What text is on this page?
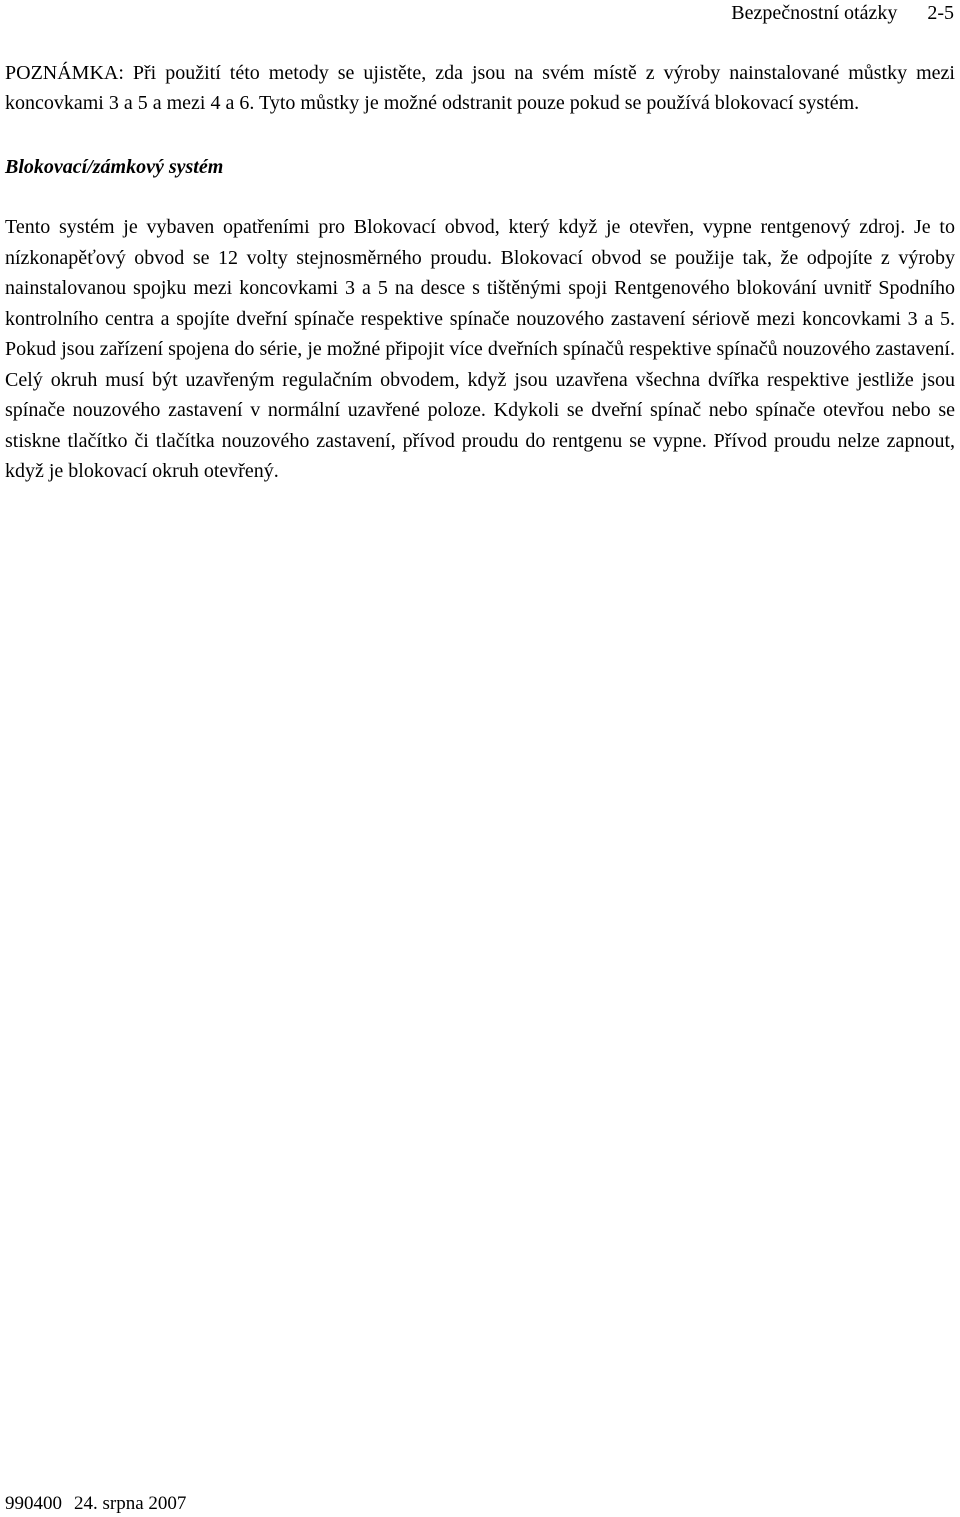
Bezpečnostní otázky 2-5

POZNÁMKA: Při použití této metody se ujistěte, zda jsou na svém místě z výroby nainstalované můstky mezi koncovkami 3 a 5 a mezi 4 a 6. Tyto můstky je možné odstranit pouze pokud se používá blokovací systém.

Blokovací/zámkový systém

Tento systém je vybaven opatřeními pro Blokovací obvod, který když je otevřen, vypne rentgenový zdroj. Je to nízkonapěťový obvod se 12 volty stejnosměrného proudu. Blokovací obvod se použije tak, že odpojíte z výroby nainstalovanou spojku mezi koncovkami 3 a 5 na desce s tištěnými spoji Rentgenového blokování uvnitř Spodního kontrolního centra a spojíte dveřní spínače respektive spínače nouzového zastavení sériově mezi koncovkami 3 a 5. Pokud jsou zařízení spojena do série, je možné připojit více dveřních spínačů respektive spínačů nouzového zastavení. Celý okruh musí být uzavřeným regulačním obvodem, když jsou uzavřena všechna dvířka respektive jestliže jsou spínače nouzového zastavení v normální uzavřené poloze. Kdykoli se dveřní spínač nebo spínače otevřou nebo se stiskne tlačítko či tlačítka nouzového zastavení, přívod proudu do rentgenu se vypne. Přívod proudu nelze zapnout, když je blokovací okruh otevřený.

990400 24. srpna 2007
